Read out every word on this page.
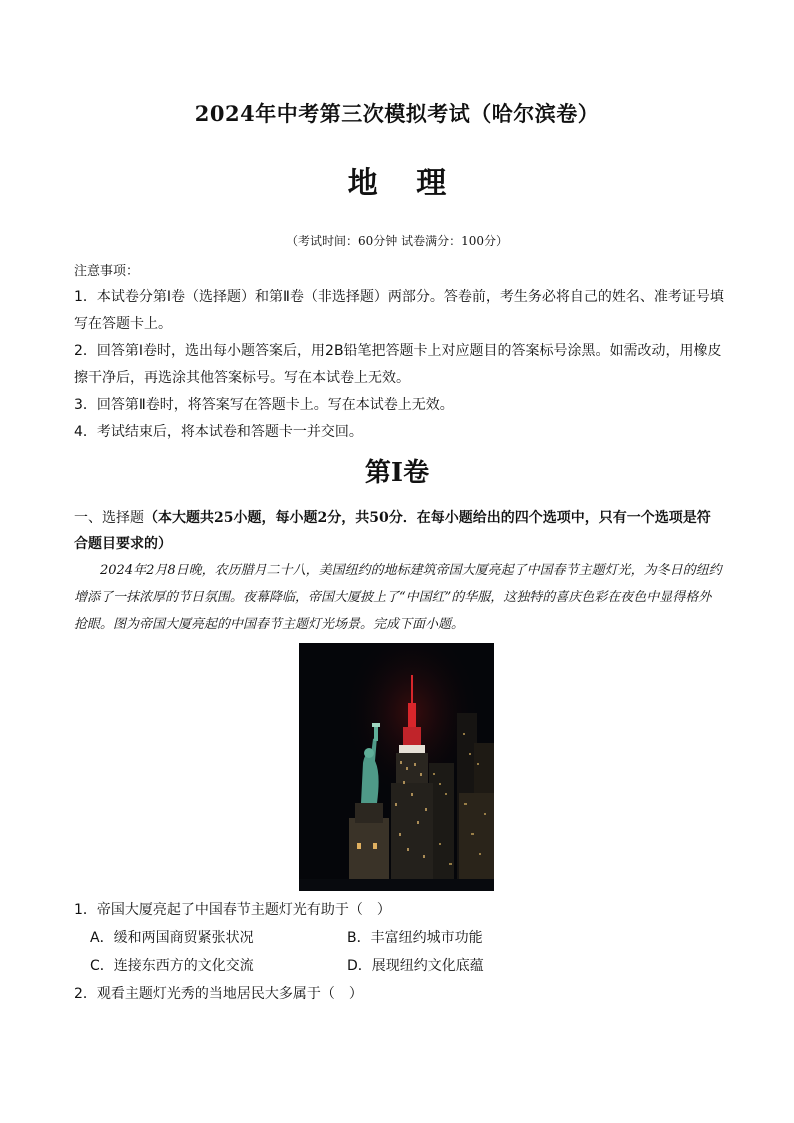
2024年中考第三次模拟考试（哈尔滨卷）
地 理
（考试时间：60分钟 试卷满分：100分）
注意事项：
1．本试卷分第Ⅰ卷（选择题）和第Ⅱ卷（非选择题）两部分。答卷前，考生务必将自己的姓名、准考证号填写在答题卡上。
2．回答第Ⅰ卷时，选出每小题答案后，用2B铅笔把答题卡上对应题目的答案标号涂黑。如需改动，用橡皮擦干净后，再选涂其他答案标号。写在本试卷上无效。
3．回答第Ⅱ卷时，将答案写在答题卡上。写在本试卷上无效。
4．考试结束后，将本试卷和答题卡一并交回。
第Ⅰ卷
一、选择题（本大题共25小题，每小题2分，共50分．在每小题给出的四个选项中，只有一个选项是符合题目要求的）
2024年2月8日晚，农历腊月二十八，美国纽约的地标建筑帝国大厦亮起了中国春节主题灯光，为冬日的纽约增添了一抹浓厚的节日氛围。夜幕降临，帝国大厦披上了“中国红”的华服，这独特的喜庆色彩在夜色中显得格外抢眼。图为帝国大厦亮起的中国春节主题灯光场景。完成下面小题。
1．帝国大厦亮起了中国春节主题灯光有助于（　）
A．缓和两国商贸紧张状况	B．丰富纽约城市功能
C．连接东西方的文化交流	D．展现纽约文化底蕴
2．观看主题灯光秀的当地居民大多属于（　）
